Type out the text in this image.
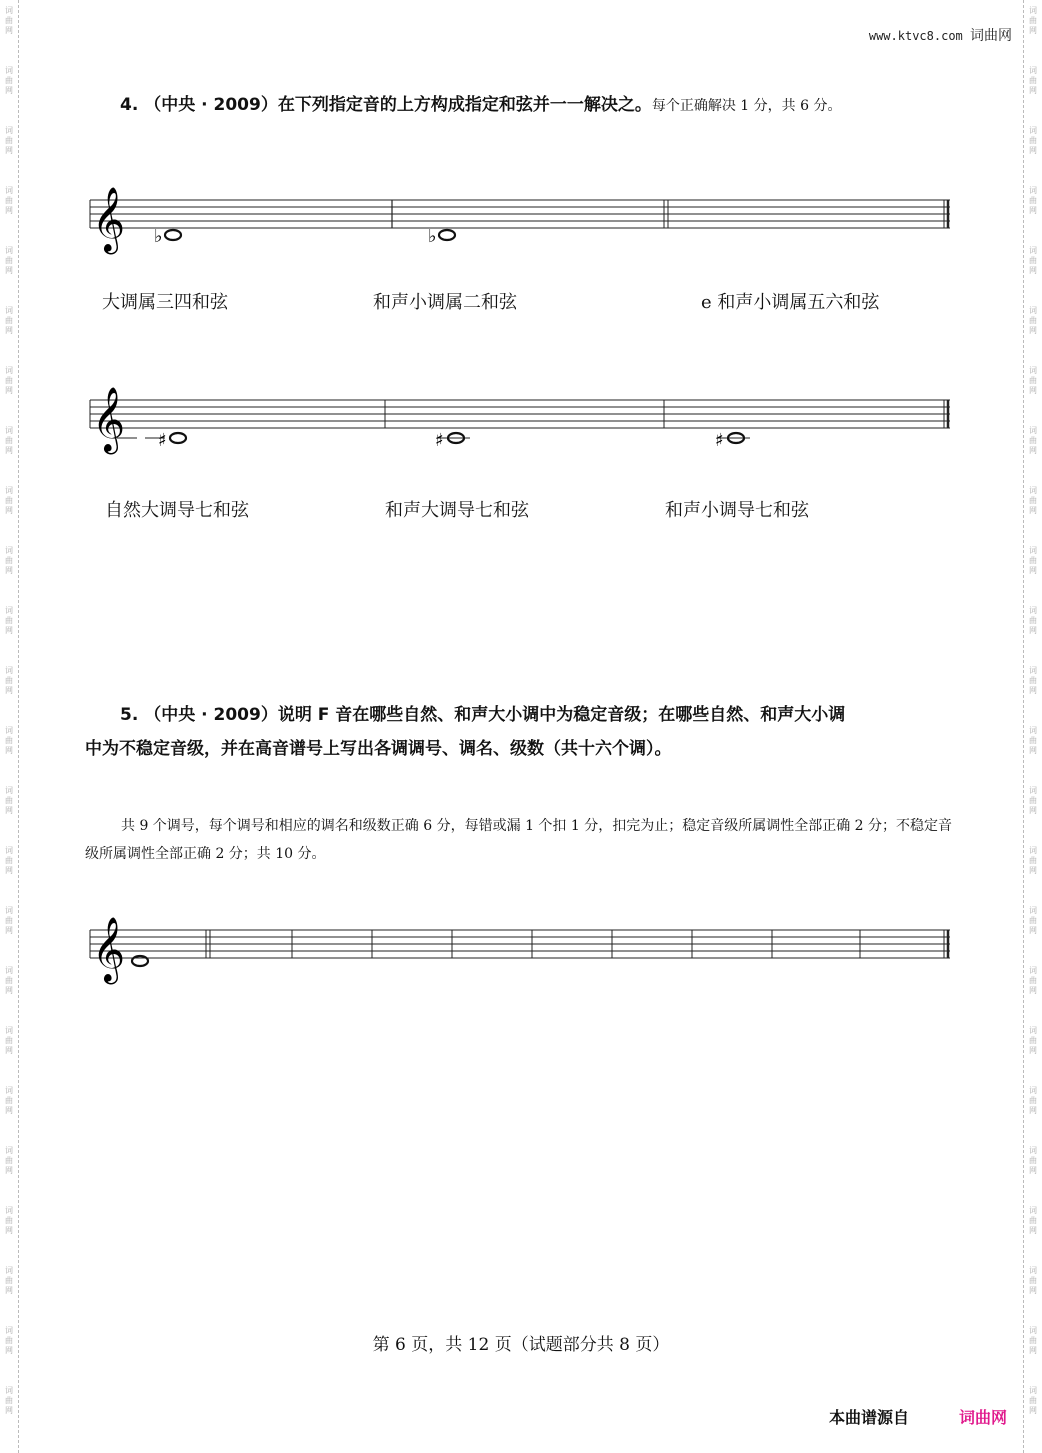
词
曲
网
词
曲
网
词
曲
网
词
曲
网
词
曲
网
词
曲
网
词
曲
网
词
曲
网
词
曲
网
词
曲
网
词
曲
网
词
曲
网
词
曲
网
词
曲
网
词
曲
网
词
曲
网
词
曲
网
词
曲
网
词
曲
网
词
曲
网
词
曲
网
词
曲
网
词
曲
网
词
曲
网
词
曲
网
词
曲
网
词
曲
网
词
曲
网
词
曲
网
词
曲
网
词
曲
网
词
曲
网
词
曲
网
词
曲
网
词
曲
网
词
曲
网
词
曲
网
词
曲
网
词
曲
网
词
曲
网
词
曲
网
词
曲
网
词
曲
网
词
曲
网
词
曲
网
词
曲
网
词
曲
网
词
曲
网
www.ktvc8.com 词曲网
4. （中央 · 2009）在下列指定音的上方构成指定和弦并一一解决之。每个正确解决 1 分，共 6 分。
𝄞 ♭	♭
大调属三四和弦	和声小调属二和弦	e 和声小调属五六和弦
𝄞 ♯	♯	♯
自然大调导七和弦	和声大调导七和弦	和声小调导七和弦
5. （中央 · 2009）说明 F 音在哪些自然、和声大小调中为稳定音级；在哪些自然、和声大小调
中为不稳定音级，并在高音谱号上写出各调调号、调名、级数（共十六个调）。
共 9 个调号，每个调号和相应的调名和级数正确 6 分，每错或漏 1 个扣 1 分，扣完为止；稳定音级所属调性全部正确 2 分；不稳定音级所属调性全部正确 2 分；共 10 分。
𝄞
第 6 页，共 12 页（试题部分共 8 页）
本曲谱源自	词曲网
